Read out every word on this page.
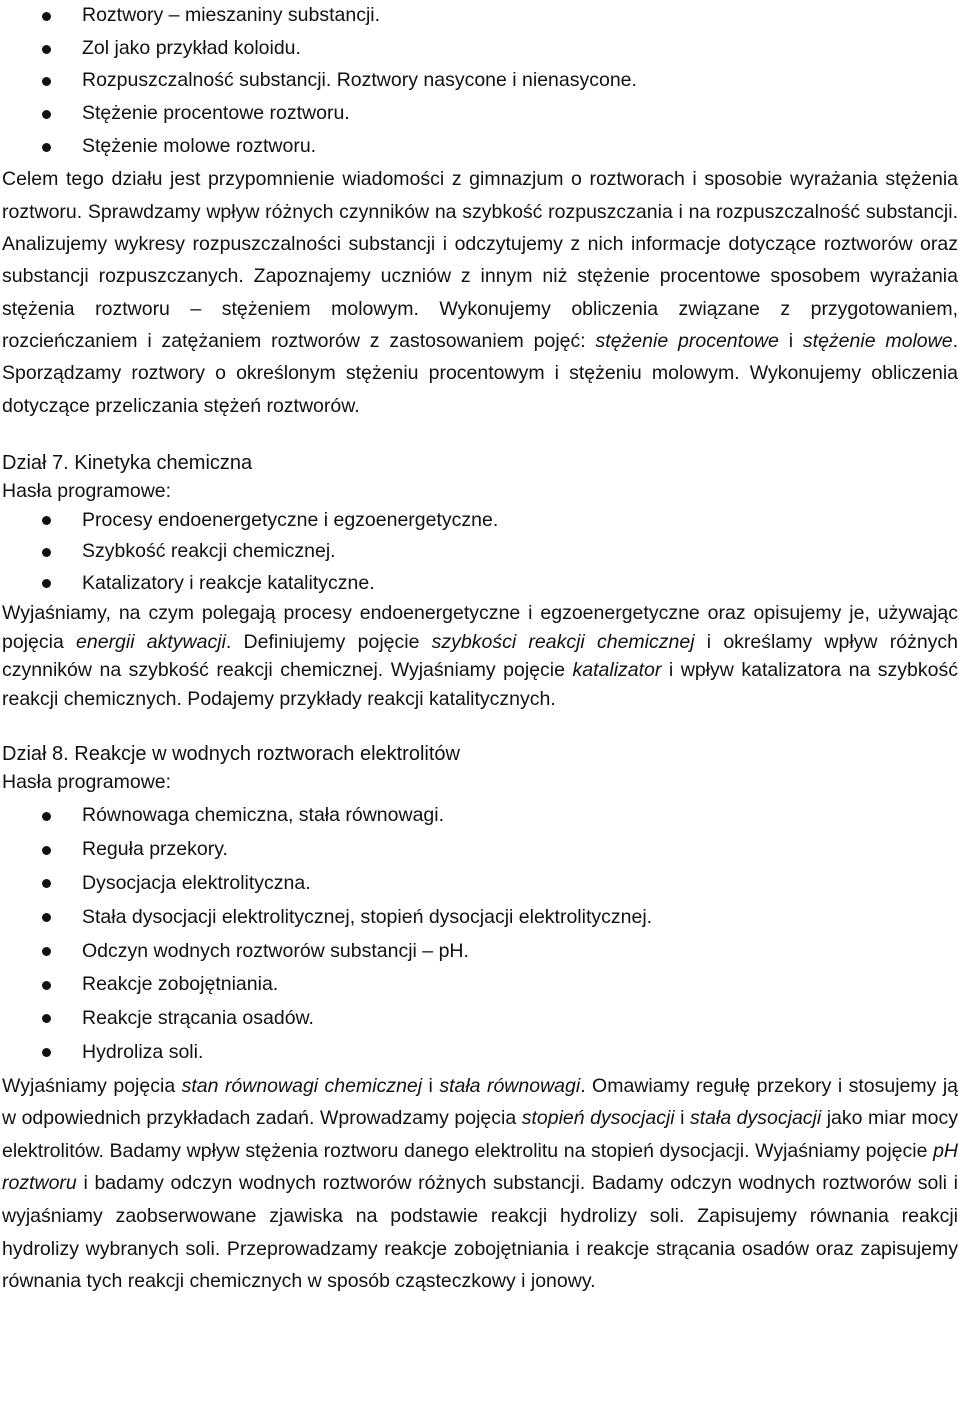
Roztwory – mieszaniny substancji.
Zol jako przykład koloidu.
Rozpuszczalność substancji. Roztwory nasycone i nienasycone.
Stężenie procentowe roztworu.
Stężenie molowe roztworu.

Celem tego działu jest przypomnienie wiadomości z gimnazjum o roztworach i sposobie wyrażania stężenia roztworu. Sprawdzamy wpływ różnych czynników na szybkość rozpuszczania i na rozpuszczalność substancji. Analizujemy wykresy rozpuszczalności substancji i odczytujemy z nich informacje dotyczące roztworów oraz substancji rozpuszczanych. Zapoznajemy uczniów z innym niż stężenie procentowe sposobem wyrażania stężenia roztworu – stężeniem molowym. Wykonujemy obliczenia związane z przygotowaniem, rozcieńczaniem i zatężaniem roztworów z zastosowaniem pojęć: stężenie procentowe i stężenie molowe. Sporządzamy roztwory o określonym stężeniu procentowym i stężeniu molowym. Wykonujemy obliczenia dotyczące przeliczania stężeń roztworów.

Dział 7. Kinetyka chemiczna
Hasła programowe:
Procesy endoenergetyczne i egzoenergetyczne.
Szybkość reakcji chemicznej.
Katalizatory i reakcje katalityczne.

Wyjaśniamy, na czym polegają procesy endoenergetyczne i egzoenergetyczne oraz opisujemy je, używając pojęcia energii aktywacji. Definiujemy pojęcie szybkości reakcji chemicznej i określamy wpływ różnych czynników na szybkość reakcji chemicznej. Wyjaśniamy pojęcie katalizator i wpływ katalizatora na szybkość reakcji chemicznych. Podajemy przykłady reakcji katalitycznych.

Dział 8. Reakcje w wodnych roztworach elektrolitów
Hasła programowe:
Równowaga chemiczna, stała równowagi.
Reguła przekory.
Dysocjacja elektrolityczna.
Stała dysocjacji elektrolitycznej, stopień dysocjacji elektrolitycznej.
Odczyn wodnych roztworów substancji – pH.
Reakcje zobojętniania.
Reakcje strącania osadów.
Hydroliza soli.

Wyjaśniamy pojęcia stan równowagi chemicznej i stała równowagi. Omawiamy regułę przekory i stosujemy ją w odpowiednich przykładach zadań. Wprowadzamy pojęcia stopień dysocjacji i stała dysocjacji jako miar mocy elektrolitów. Badamy wpływ stężenia roztworu danego elektrolitu na stopień dysocjacji. Wyjaśniamy pojęcie pH roztworu i badamy odczyn wodnych roztworów różnych substancji. Badamy odczyn wodnych roztworów soli i wyjaśniamy zaobserwowane zjawiska na podstawie reakcji hydrolizy soli. Zapisujemy równania reakcji hydrolizy wybranych soli. Przeprowadzamy reakcje zobojętniania i reakcje strącania osadów oraz zapisujemy równania tych reakcji chemicznych w sposób cząsteczkowy i jonowy.
